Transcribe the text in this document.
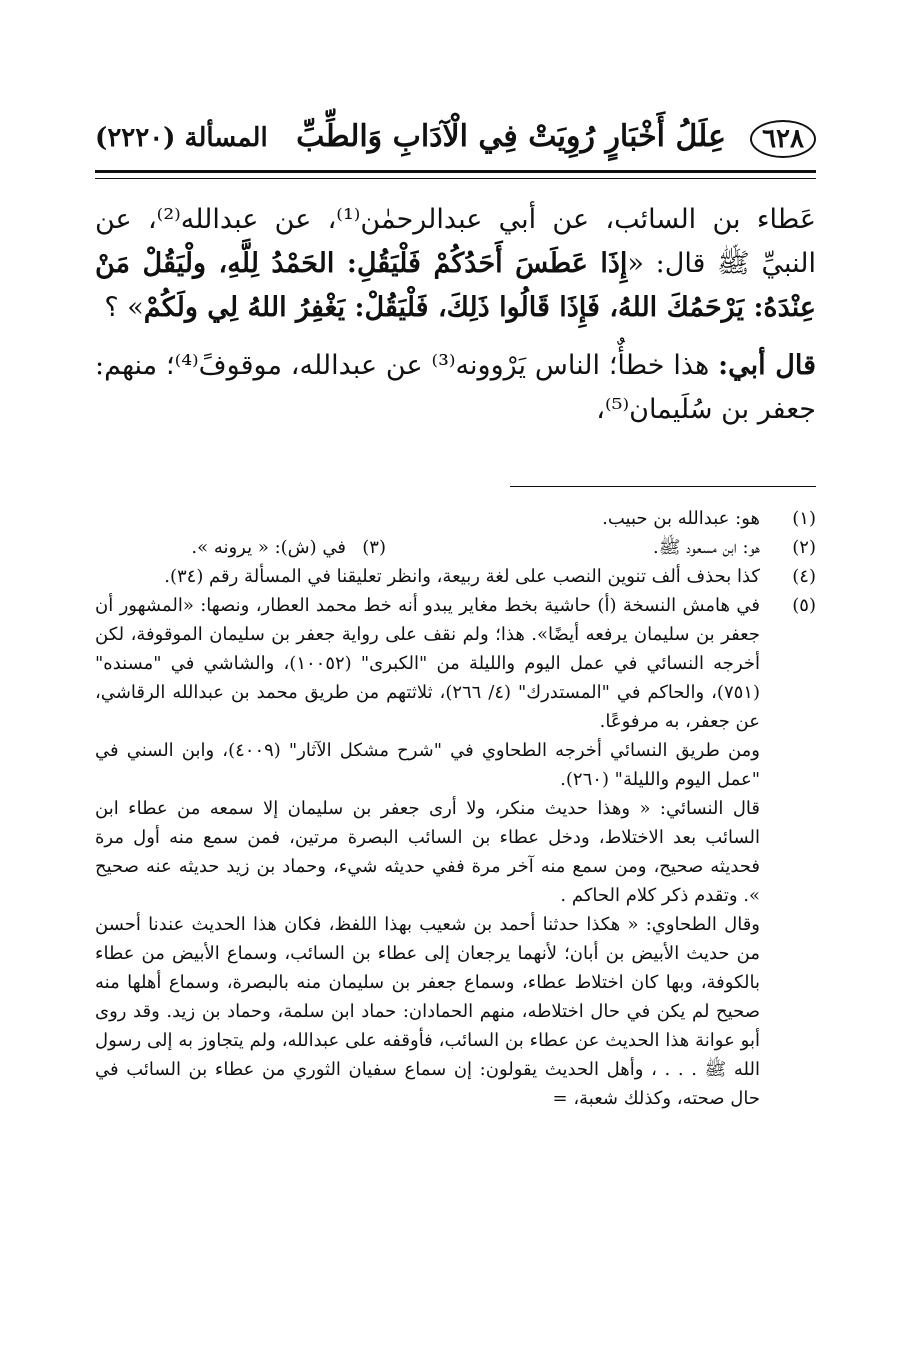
٦٢٨
عِلَلُ أَخْبَارٍ رُوِيَتْ فِي الْآدَابِ وَالطِّبِّ
المسألة (٢٢٢٠)

عَطاء بن السائب، عن أبي عبدالرحمٰن⁽¹⁾، عن عبدالله⁽²⁾، عن النبيِّ ﷺ قال: «إِذَا عَطَسَ أَحَدُكُمْ فَلْيَقُلِ: الحَمْدُ لِلَّهِ، ولْيَقُلْ مَنْ عِنْدَهُ: يَرْحَمُكَ اللهُ، فَإِذَا قَالُوا ذَلِكَ، فَلْيَقُلْ: يَغْفِرُ اللهُ لِي ولَكُمْ» ؟

قال أبي: هذا خطأٌ؛ الناس يَرْوونه⁽³⁾ عن عبدالله، موقوفً⁽⁴⁾؛ منهم: جعفر بن سُلَيمان⁽⁵⁾،

(١)
هو: عبدالله بن حبيب.
(٢)
هو: ابن مسعود ﷺ.
(٣)
في (ش): « يرونه ».
(٤)
كذا بحذف ألف تنوين النصب على لغة ربيعة، وانظر تعليقنا في المسألة رقم (٣٤).
(٥)

في هامش النسخة (أ) حاشية بخط مغاير يبدو أنه خط محمد العطار، ونصها: «المشهور أن جعفر بن سليمان يرفعه أيضًا». هذا؛ ولم نقف على رواية جعفر بن سليمان الموقوفة، لكن أخرجه النسائي في عمل اليوم والليلة من "الكبرى" (١٠٠٥٢)، والشاشي في "مسنده" (٧٥١)، والحاكم في "المستدرك" (٤/ ٢٦٦)، ثلاثتهم من طريق محمد بن عبدالله الرقاشي، عن جعفر، به مرفوعًا.

ومن طريق النسائي أخرجه الطحاوي في "شرح مشكل الآثار" (٤٠٠٩)، وابن السني في "عمل اليوم والليلة" (٢٦٠).

قال النسائي: « وهذا حديث منكر، ولا أرى جعفر بن سليمان إلا سمعه من عطاء ابن السائب بعد الاختلاط، ودخل عطاء بن السائب البصرة مرتين، فمن سمع منه أول مرة فحديثه صحيح، ومن سمع منه آخر مرة ففي حديثه شيء، وحماد بن زيد حديثه عنه صحيح ». وتقدم ذكر كلام الحاكم .

وقال الطحاوي: « هكذا حدثنا أحمد بن شعيب بهذا اللفظ، فكان هذا الحديث عندنا أحسن من حديث الأبيض بن أبان؛ لأنهما يرجعان إلى عطاء بن السائب، وسماع الأبيض من عطاء بالكوفة، وبها كان اختلاط عطاء، وسماع جعفر بن سليمان منه بالبصرة، وسماع أهلها منه صحيح لم يكن في حال اختلاطه، منهم الحمادان: حماد ابن سلمة، وحماد بن زيد. وقد روى أبو عوانة هذا الحديث عن عطاء بن السائب، فأوقفه على عبدالله، ولم يتجاوز به إلى رسول الله ﷺ . . . ، وأهل الحديث يقولون: إن سماع سفيان الثوري من عطاء بن السائب في حال صحته، وكذلك شعبة، =
